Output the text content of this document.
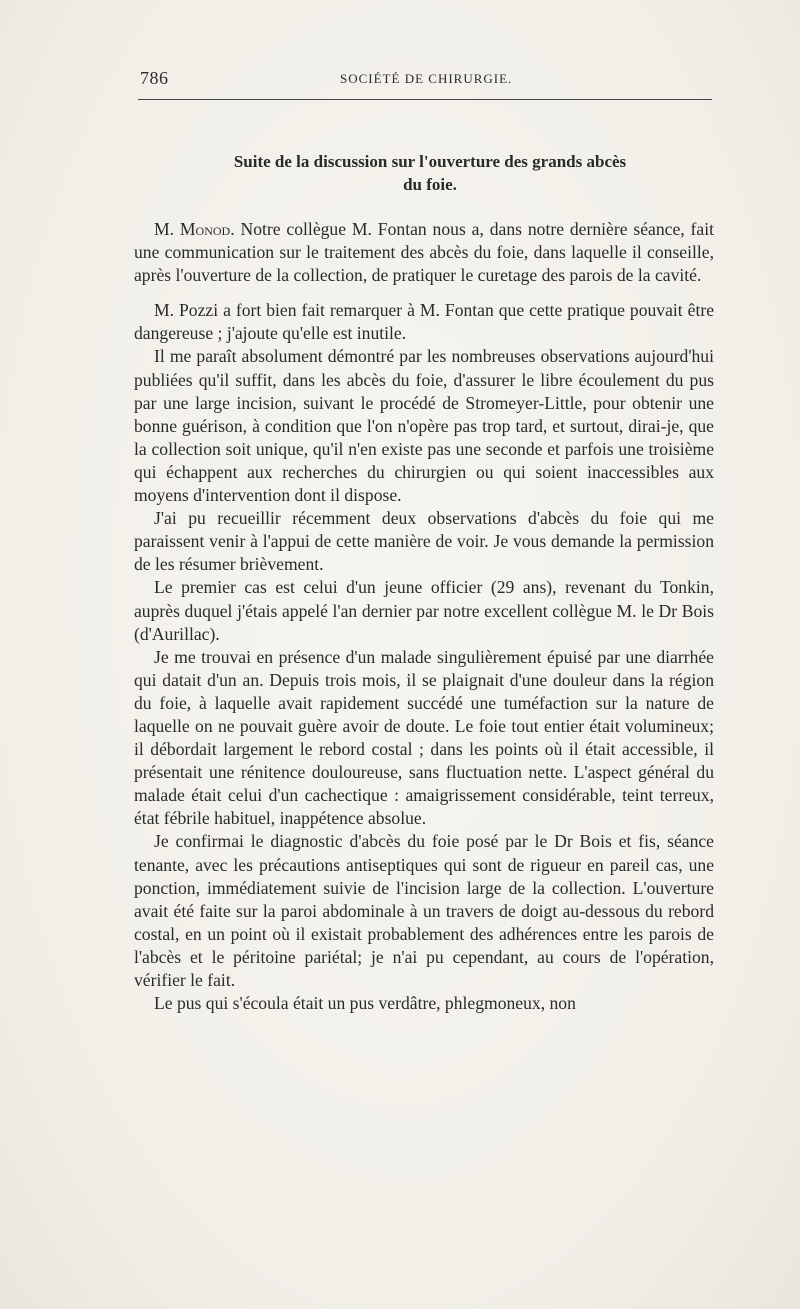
786	SOCIÉTÉ DE CHIRURGIE.
Suite de la discussion sur l'ouverture des grands abcès
du foie.

M. Monod. Notre collègue M. Fontan nous a, dans notre dernière séance, fait une communication sur le traitement des abcès du foie, dans laquelle il conseille, après l'ouverture de la collection, de pratiquer le curetage des parois de la cavité.

M. Pozzi a fort bien fait remarquer à M. Fontan que cette pratique pouvait être dangereuse ; j'ajoute qu'elle est inutile.

Il me paraît absolument démontré par les nombreuses observations aujourd'hui publiées qu'il suffit, dans les abcès du foie, d'assurer le libre écoulement du pus par une large incision, suivant le procédé de Stromeyer-Little, pour obtenir une bonne guérison, à condition que l'on n'opère pas trop tard, et surtout, dirai-je, que la collection soit unique, qu'il n'en existe pas une seconde et parfois une troisième qui échappent aux recherches du chirurgien ou qui soient inaccessibles aux moyens d'intervention dont il dispose.

J'ai pu recueillir récemment deux observations d'abcès du foie qui me paraissent venir à l'appui de cette manière de voir. Je vous demande la permission de les résumer brièvement.

Le premier cas est celui d'un jeune officier (29 ans), revenant du Tonkin, auprès duquel j'étais appelé l'an dernier par notre excellent collègue M. le Dr Bois (d'Aurillac).

Je me trouvai en présence d'un malade singulièrement épuisé par une diarrhée qui datait d'un an. Depuis trois mois, il se plaignait d'une douleur dans la région du foie, à laquelle avait rapidement succédé une tuméfaction sur la nature de laquelle on ne pouvait guère avoir de doute. Le foie tout entier était volumineux; il débordait largement le rebord costal ; dans les points où il était accessible, il présentait une rénitence douloureuse, sans fluctuation nette. L'aspect général du malade était celui d'un cachectique : amaigrissement considérable, teint terreux, état fébrile habituel, inappétence absolue.

Je confirmai le diagnostic d'abcès du foie posé par le Dr Bois et fis, séance tenante, avec les précautions antiseptiques qui sont de rigueur en pareil cas, une ponction, immédiatement suivie de l'incision large de la collection. L'ouverture avait été faite sur la paroi abdominale à un travers de doigt au-dessous du rebord costal, en un point où il existait probablement des adhérences entre les parois de l'abcès et le péritoine pariétal; je n'ai pu cependant, au cours de l'opération, vérifier le fait.

Le pus qui s'écoula était un pus verdâtre, phlegmoneux, non
